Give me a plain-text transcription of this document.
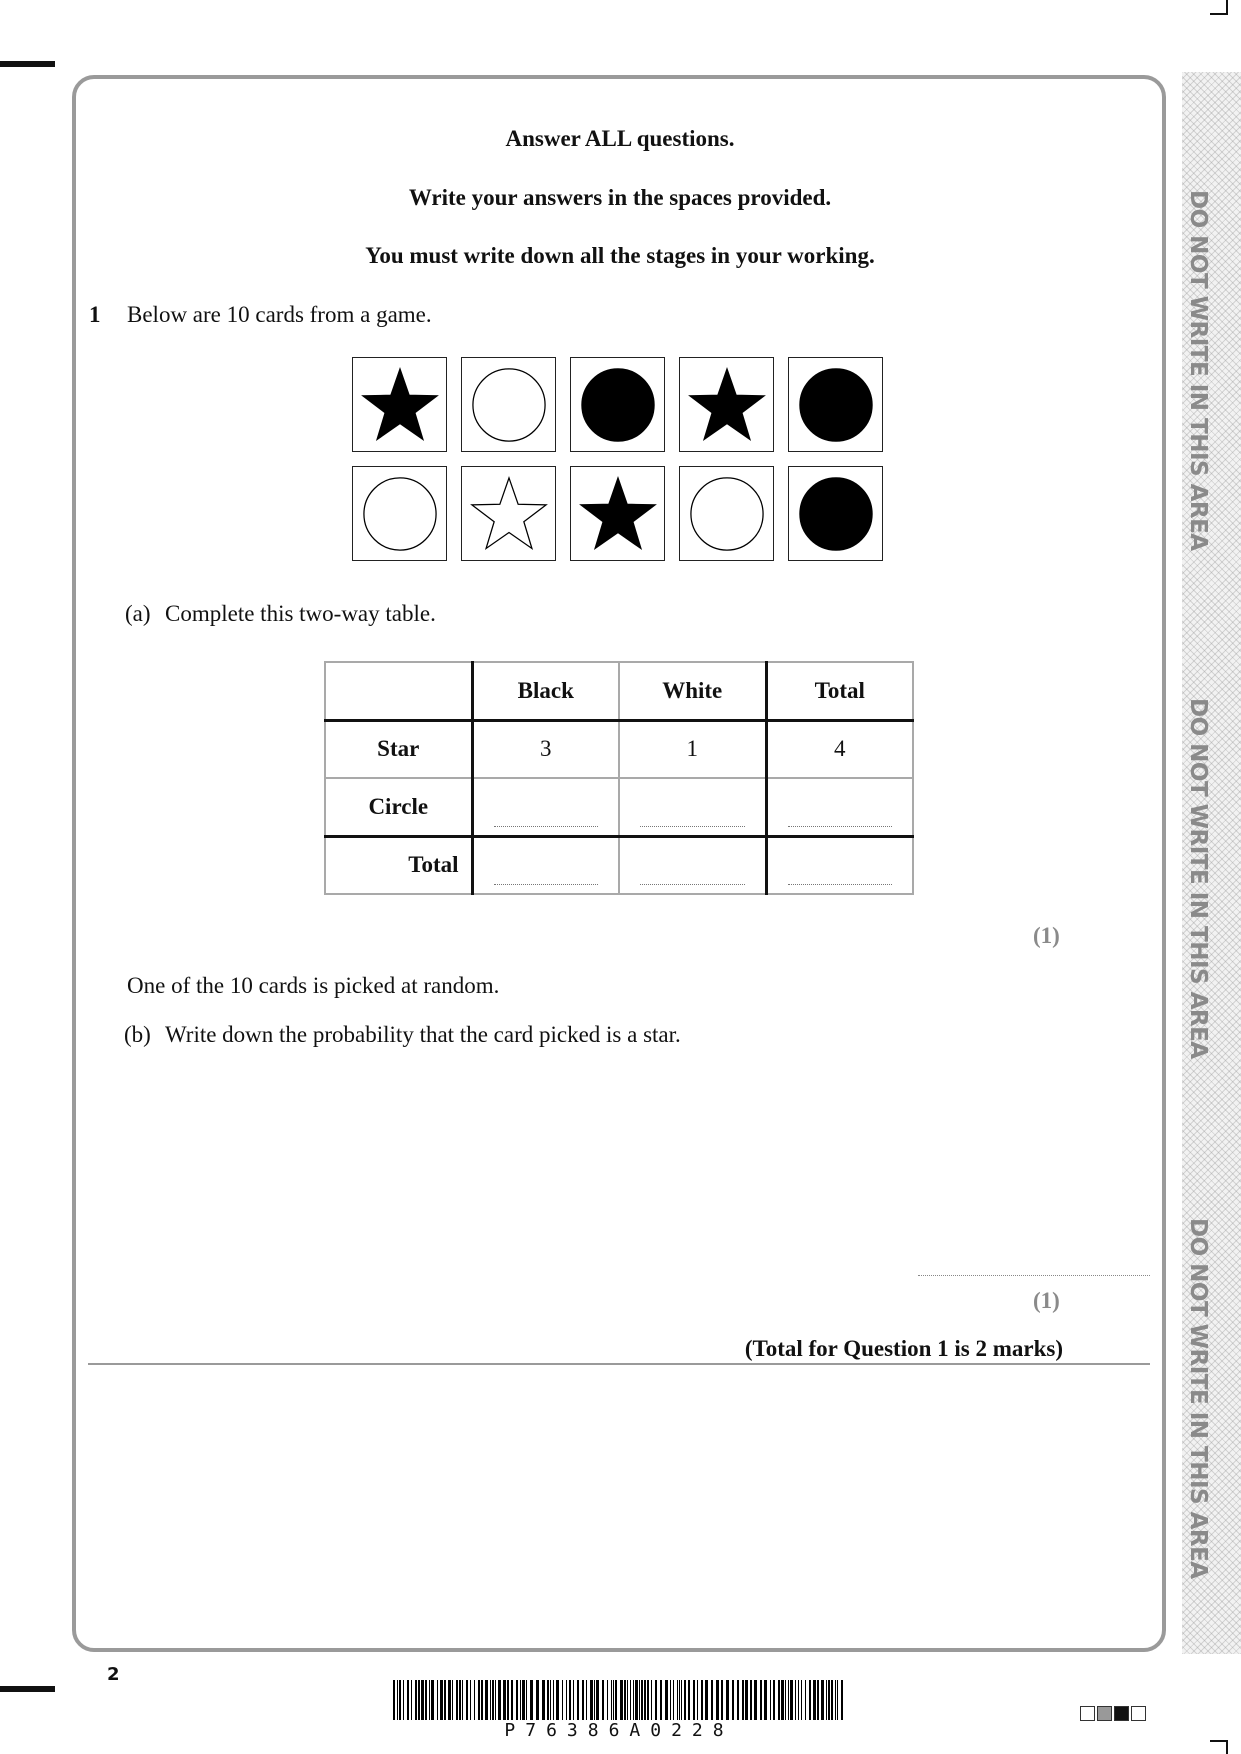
DO NOT WRITE IN THIS AREA
DO NOT WRITE IN THIS AREA
DO NOT WRITE IN THIS AREA
Answer ALL questions.
Write your answers in the spaces provided.
You must write down all the stages in your working.
1 Below are 10 cards from a game.
(a) Complete this two-way table.
	Black	White	Total
Star	3	1	4
Circle	

Total	

(1)
One of the 10 cards is picked at random.
(b) Write down the probability that the card picked is a star.
(1)
(Total for Question 1 is 2 marks)
2
P76386A0228
